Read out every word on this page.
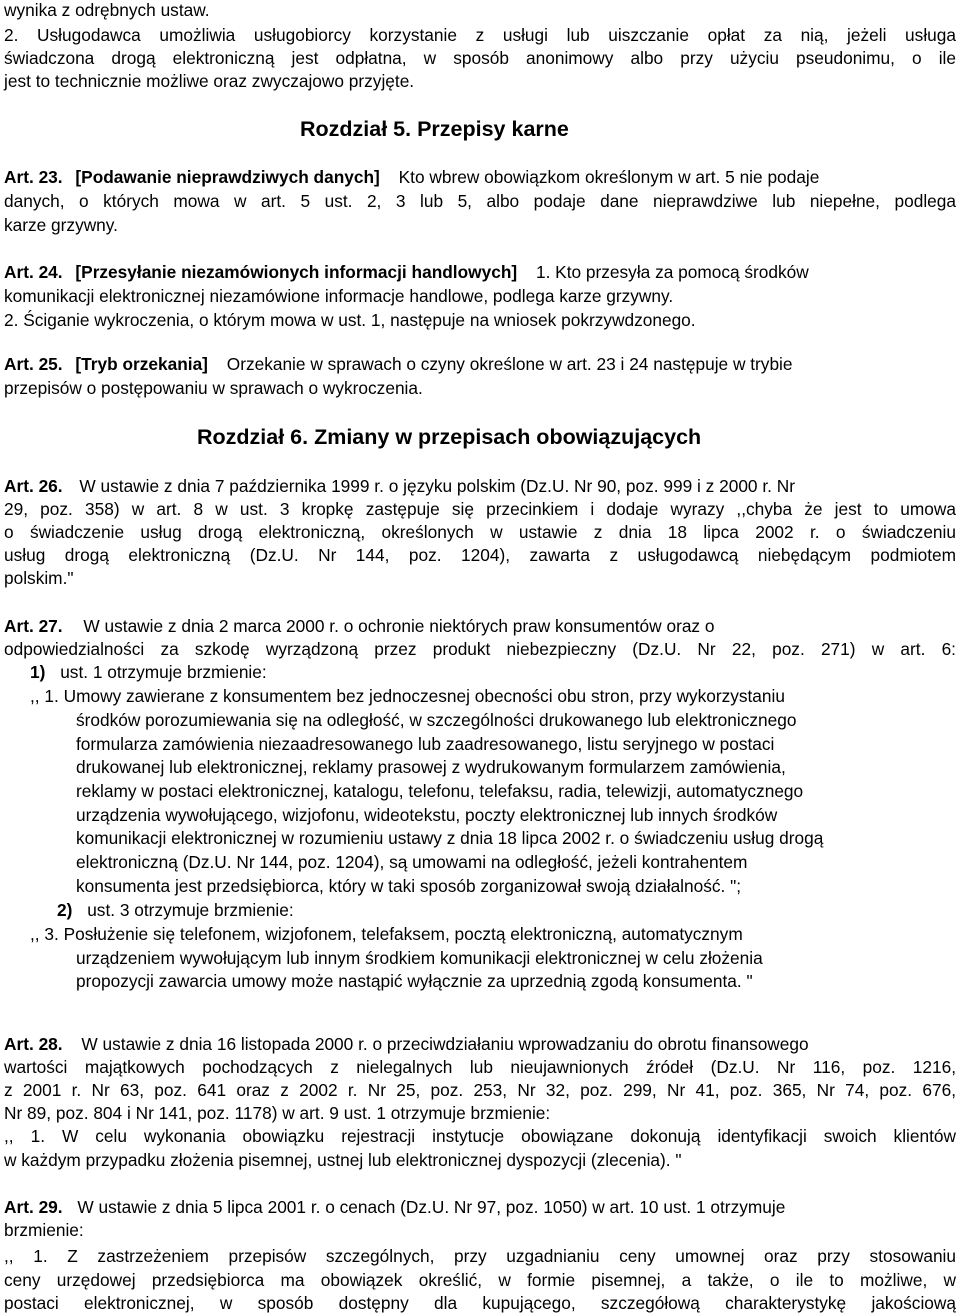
wynika z odrębnych ustaw.
2. Usługodawca umożliwia usługobiorcy korzystanie z usługi lub uiszczanie opłat za nią, jeżeli usługa
świadczona drogą elektroniczną jest odpłatna, w sposób anonimowy albo przy użyciu pseudonimu, o ile
jest to technicznie możliwe oraz zwyczajowo przyjęte.
Rozdział 5. Przepisy karne
Art. 23. [Podawanie nieprawdziwych danych] Kto wbrew obowiązkom określonym w art. 5 nie podaje
danych, o których mowa w art. 5 ust. 2, 3 lub 5, albo podaje dane nieprawdziwe lub niepełne, podlega
karze grzywny.
Art. 24. [Przesyłanie niezamówionych informacji handlowych] 1. Kto przesyła za pomocą środków
komunikacji elektronicznej niezamówione informacje handlowe, podlega karze grzywny.
2. Ściganie wykroczenia, o którym mowa w ust. 1, następuje na wniosek pokrzywdzonego.
Art. 25. [Tryb orzekania] Orzekanie w sprawach o czyny określone w art. 23 i 24 następuje w trybie
przepisów o postępowaniu w sprawach o wykroczenia.
Rozdział 6. Zmiany w przepisach obowiązujących
Art. 26. W ustawie z dnia 7 października 1999 r. o języku polskim (Dz.U. Nr 90, poz. 999 i z 2000 r. Nr
29, poz. 358) w art. 8 w ust. 3 kropkę zastępuje się przecinkiem i dodaje wyrazy ,,chyba że jest to umowa
o świadczenie usług drogą elektroniczną, określonych w ustawie z dnia 18 lipca 2002 r. o świadczeniu
usług drogą elektroniczną (Dz.U. Nr 144, poz. 1204), zawarta z usługodawcą niebędącym podmiotem
polskim."
Art. 27. W ustawie z dnia 2 marca 2000 r. o ochronie niektórych praw konsumentów oraz o
odpowiedzialności za szkodę wyrządzoną przez produkt niebezpieczny (Dz.U. Nr 22, poz. 271) w art. 6:
1) ust. 1 otrzymuje brzmienie:
,, 1. Umowy zawierane z konsumentem bez jednoczesnej obecności obu stron, przy wykorzystaniu
środków porozumiewania się na odległość, w szczególności drukowanego lub elektronicznego
formularza zamówienia niezaadresowanego lub zaadresowanego, listu seryjnego w postaci
drukowanej lub elektronicznej, reklamy prasowej z wydrukowanym formularzem zamówienia,
reklamy w postaci elektronicznej, katalogu, telefonu, telefaksu, radia, telewizji, automatycznego
urządzenia wywołującego, wizjofonu, wideotekstu, poczty elektronicznej lub innych środków
komunikacji elektronicznej w rozumieniu ustawy z dnia 18 lipca 2002 r. o świadczeniu usług drogą
elektroniczną (Dz.U. Nr 144, poz. 1204), są umowami na odległość, jeżeli kontrahentem
konsumenta jest przedsiębiorca, który w taki sposób zorganizował swoją działalność. ";
2) ust. 3 otrzymuje brzmienie:
,, 3. Posłużenie się telefonem, wizjofonem, telefaksem, pocztą elektroniczną, automatycznym
urządzeniem wywołującym lub innym środkiem komunikacji elektronicznej w celu złożenia
propozycji zawarcia umowy może nastąpić wyłącznie za uprzednią zgodą konsumenta. "
Art. 28. W ustawie z dnia 16 listopada 2000 r. o przeciwdziałaniu wprowadzaniu do obrotu finansowego
wartości majątkowych pochodzących z nielegalnych lub nieujawnionych źródeł (Dz.U. Nr 116, poz. 1216,
z 2001 r. Nr 63, poz. 641 oraz z 2002 r. Nr 25, poz. 253, Nr 32, poz. 299, Nr 41, poz. 365, Nr 74, poz. 676,
Nr 89, poz. 804 i Nr 141, poz. 1178) w art. 9 ust. 1 otrzymuje brzmienie:
,, 1. W celu wykonania obowiązku rejestracji instytucje obowiązane dokonują identyfikacji swoich klientów
w każdym przypadku złożenia pisemnej, ustnej lub elektronicznej dyspozycji (zlecenia). "
Art. 29. W ustawie z dnia 5 lipca 2001 r. o cenach (Dz.U. Nr 97, poz. 1050) w art. 10 ust. 1 otrzymuje
brzmienie:
,, 1. Z zastrzeżeniem przepisów szczególnych, przy uzgadnianiu ceny umownej oraz przy stosowaniu
ceny urzędowej przedsiębiorca ma obowiązek określić, w formie pisemnej, a także, o ile to możliwe, w
postaci elektronicznej, w sposób dostępny dla kupującego, szczegółową charakterystykę jakościową
